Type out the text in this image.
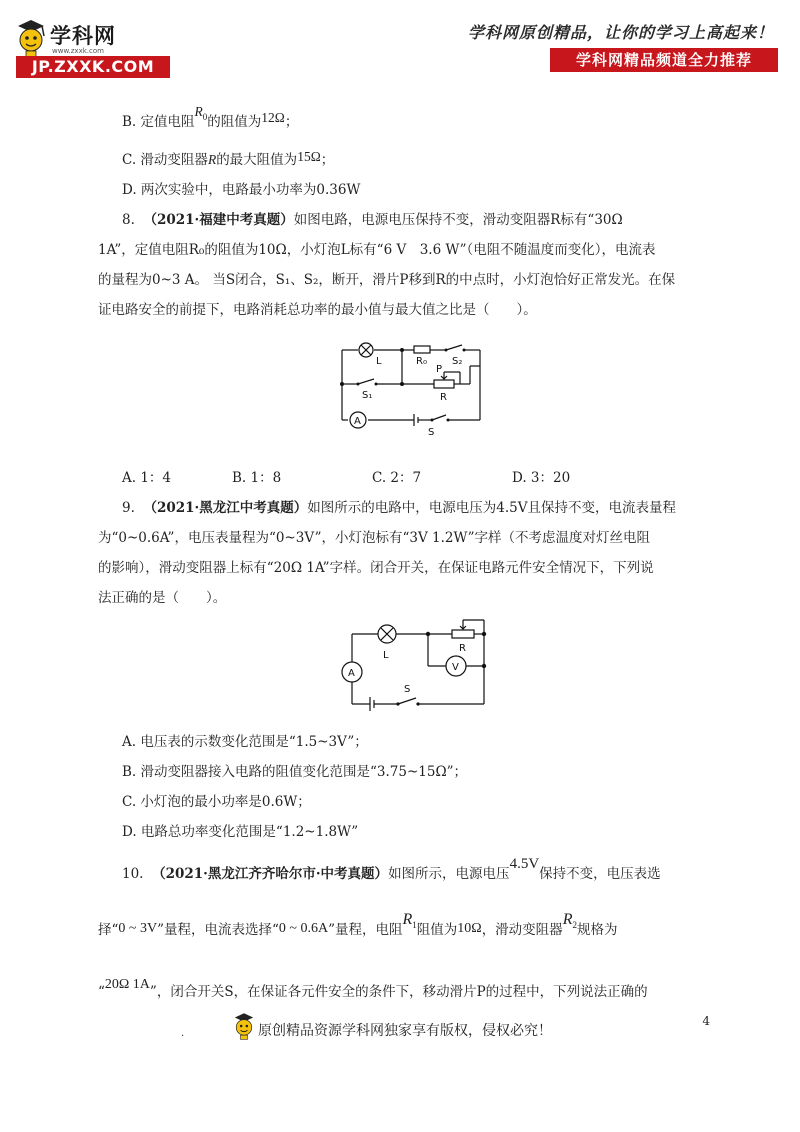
学科网
www.zxxk.com
JP.ZXXK.COM
学科网原创精品，让你的学习上高起来！
学科网精品频道全力推荐
B. 定值电阻$R_0$的阻值为12Ω；
C. 滑动变阻器R的最大阻值为15Ω；
D. 两次实验中，电路最小功率为0.36W
8. （2021·福建中考真题）如图电路，电源电压保持不变，滑动变阻器R标有“30Ω
1A”，定值电阻R₀的阻值为10Ω，小灯泡L标有“6 V　3.6 W”（电阻不随温度而变化），电流表
的量程为0~3 A。 当S闭合，S₁、S₂，断开，滑片P移到R的中点时，小灯泡恰好正常发光。在保
证电路安全的前提下，电路消耗总功率的最小值与最大值之比是（　　）。
L	R₀	S₂
P
S₁	R
A
S
A. 1：4	B. 1：8	C. 2：7	D. 3：20
9. （2021·黑龙江中考真题）如图所示的电路中，电源电压为4.5V且保持不变，电流表量程
为“0~0.6A”，电压表量程为“0~3V”，小灯泡标有“3V 1.2W”字样（不考虑温度对灯丝电阻
的影响），滑动变阻器上标有“20Ω 1A”字样。闭合开关，在保证电路元件安全情况下，下列说
法正确的是（　　）。
A
L
R
V
S
A. 电压表的示数变化范围是“1.5~3V”；
B. 滑动变阻器接入电路的阻值变化范围是“3.75~15Ω”；
C. 小灯泡的最小功率是0.6W；
D. 电路总功率变化范围是“1.2~1.8W”
10. （2021·黑龙江齐齐哈尔市·中考真题）如图所示，电源电压4.5V保持不变，电压表选
择“0 ~ 3V”量程，电流表选择“0 ~ 0.6A”量程，电阻$R_1$阻值为10Ω，滑动变阻器$R_2$规格为
“20Ω 1A”，闭合开关S，在保证各元件安全的条件下，移动滑片P的过程中，下列说法正确的
4
.	原创精品资源学科网独家享有版权，侵权必究！
